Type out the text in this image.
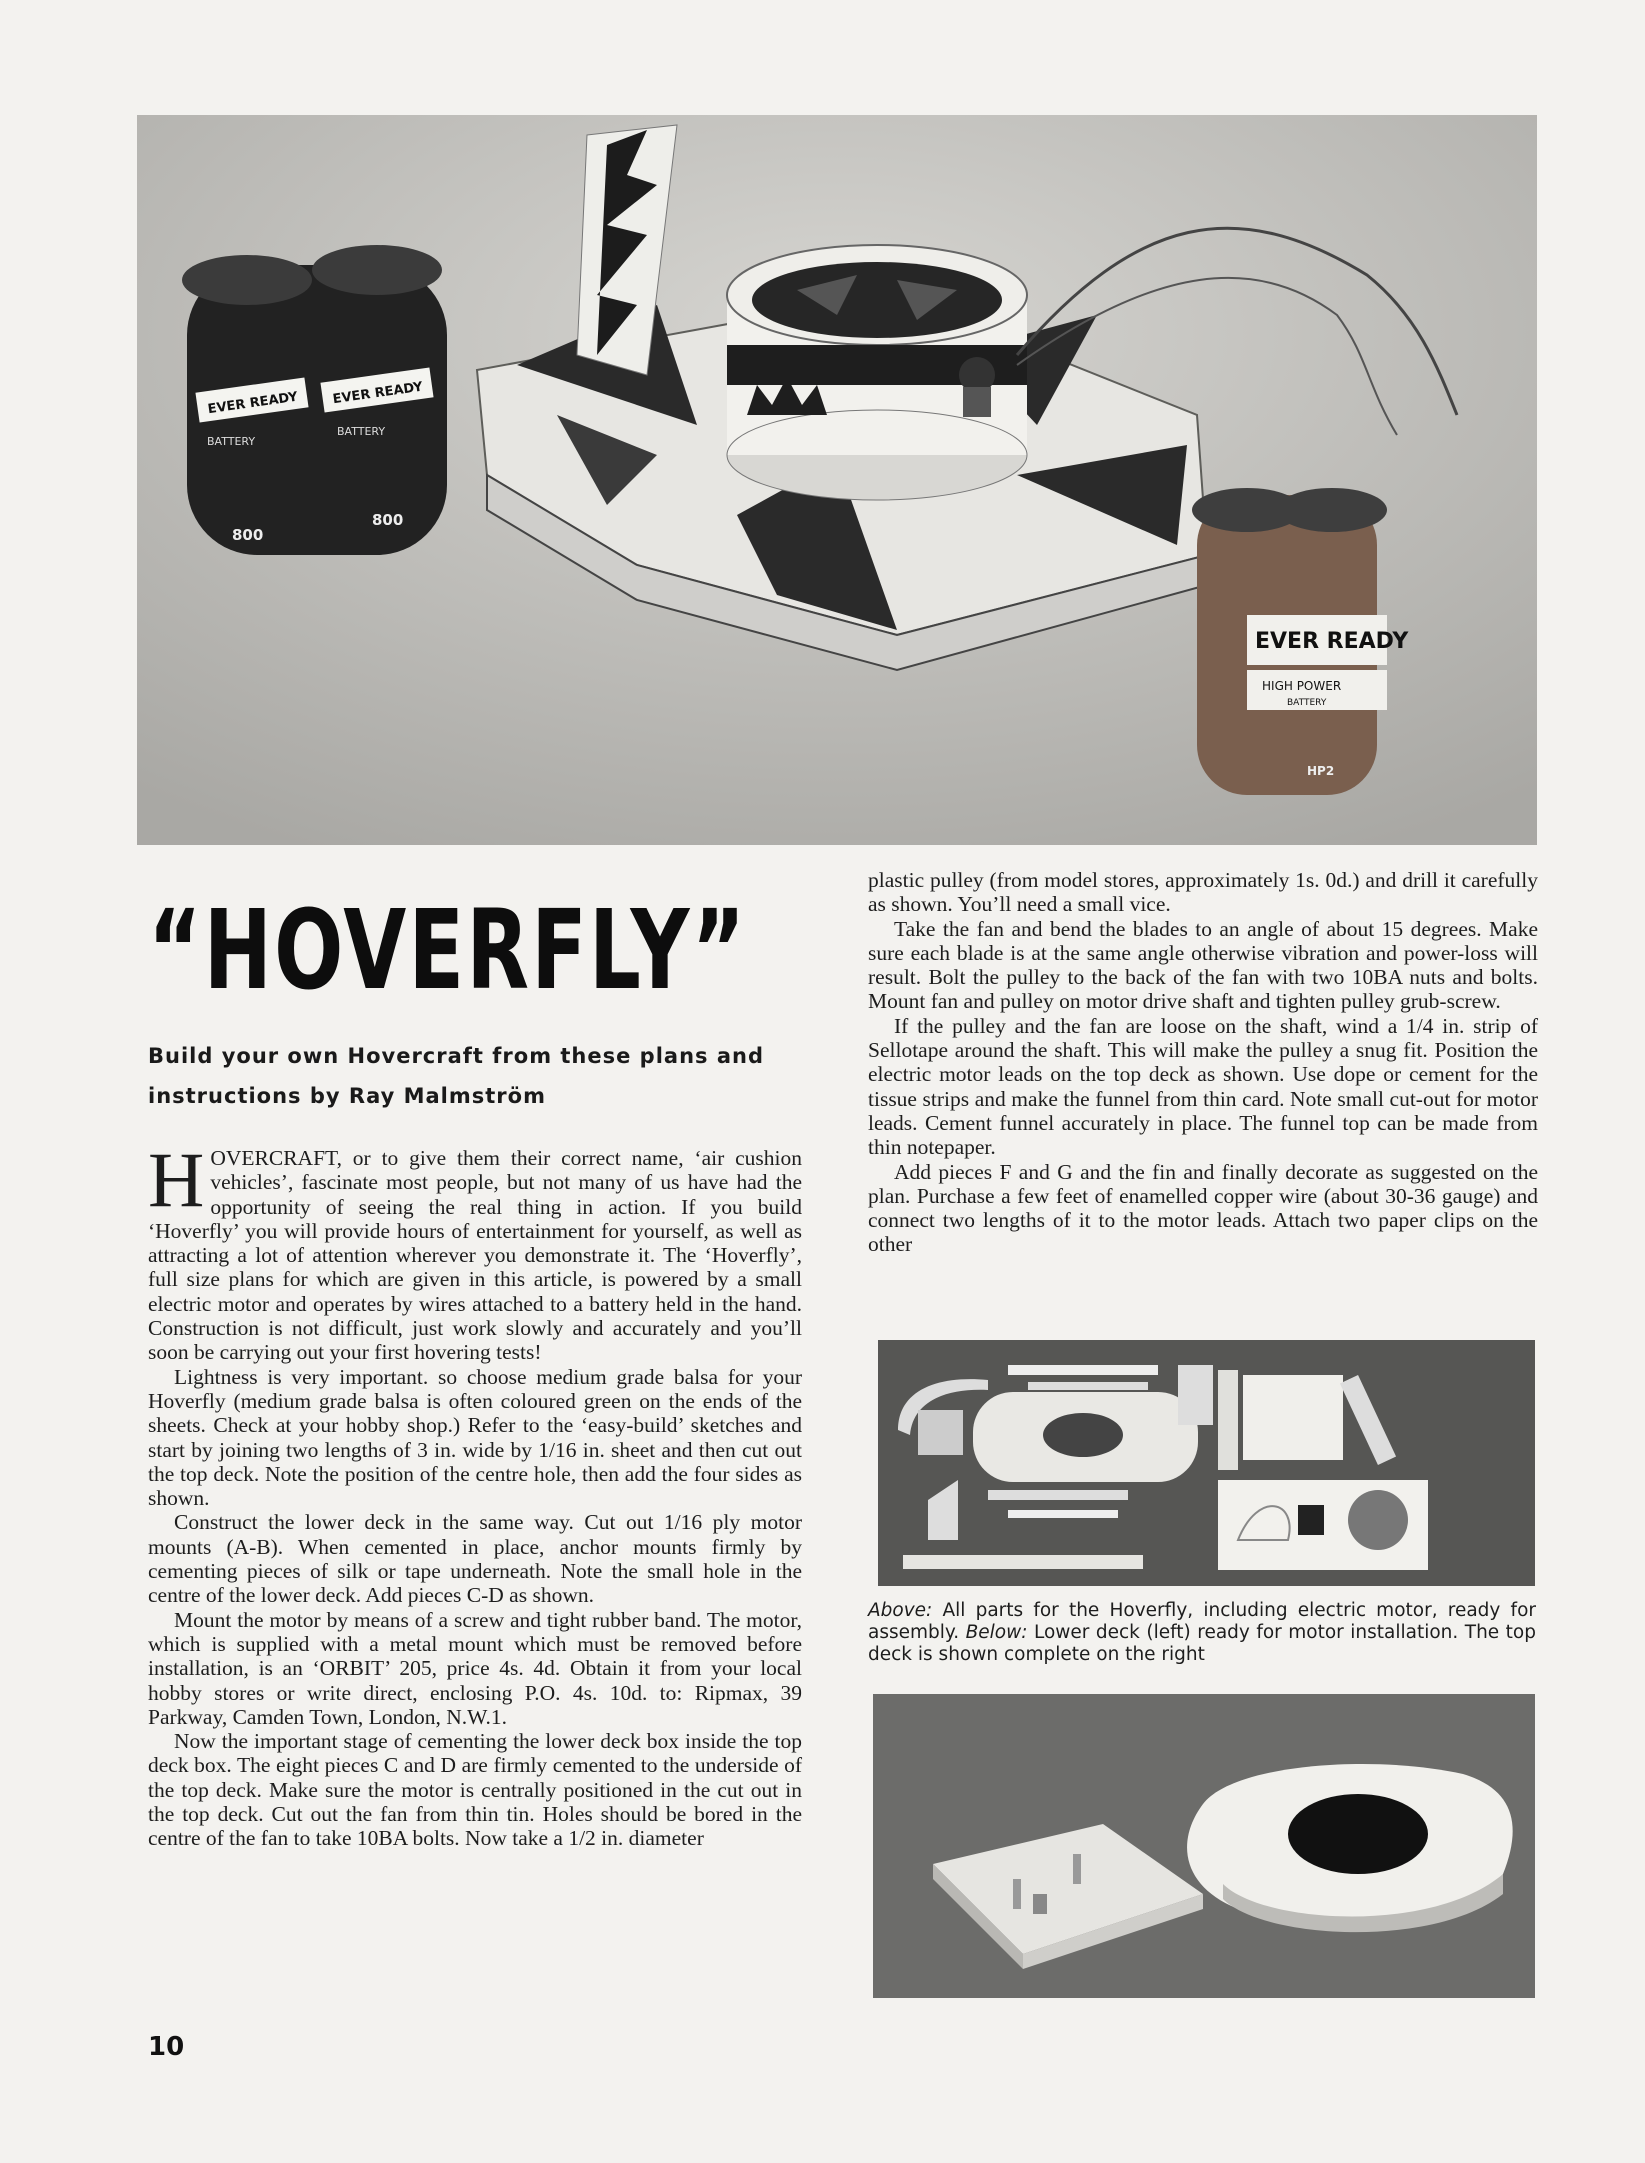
EVER READY	EVER READY
BATTERY
BATTERY
800
800
EVER READY
HIGH POWER
BATTERY
HP2
“HOVERFLY”
Build your own Hovercraft from these plans and instructions by Ray Malmström

HOVERCRAFT, or to give them their correct name, ‘air cushion vehicles’, fascinate most people, but not many of us have had the opportunity of seeing the real thing in action. If you build ‘Hoverfly’ you will provide hours of entertainment for yourself, as well as attracting a lot of attention wherever you demonstrate it. The ‘Hoverfly’, full size plans for which are given in this article, is powered by a small electric motor and operates by wires attached to a battery held in the hand. Construction is not difficult, just work slowly and accurately and you’ll soon be carrying out your first hovering tests!

Lightness is very important. so choose medium grade balsa for your Hoverfly (medium grade balsa is often coloured green on the ends of the sheets. Check at your hobby shop.) Refer to the ‘easy-build’ sketches and start by joining two lengths of 3 in. wide by 1/16 in. sheet and then cut out the top deck. Note the position of the centre hole, then add the four sides as shown.

Construct the lower deck in the same way. Cut out 1/16 ply motor mounts (A-B). When cemented in place, anchor mounts firmly by cementing pieces of silk or tape underneath. Note the small hole in the centre of the lower deck. Add pieces C-D as shown.

Mount the motor by means of a screw and tight rubber band. The motor, which is supplied with a metal mount which must be removed before installation, is an ‘ORBIT’ 205, price 4s. 4d. Obtain it from your local hobby stores or write direct, enclosing P.O. 4s. 10d. to: Ripmax, 39 Parkway, Camden Town, London, N.W.1.

Now the important stage of cementing the lower deck box inside the top deck box. The eight pieces C and D are firmly cemented to the underside of the top deck. Make sure the motor is centrally positioned in the cut out in the top deck. Cut out the fan from thin tin. Holes should be bored in the centre of the fan to take 10BA bolts. Now take a 1/2 in. diameter

plastic pulley (from model stores, approximately 1s. 0d.) and drill it carefully as shown. You’ll need a small vice.

Take the fan and bend the blades to an angle of about 15 degrees. Make sure each blade is at the same angle otherwise vibration and power-loss will result. Bolt the pulley to the back of the fan with two 10BA nuts and bolts. Mount fan and pulley on motor drive shaft and tighten pulley grub-screw.

If the pulley and the fan are loose on the shaft, wind a 1/4 in. strip of Sellotape around the shaft. This will make the pulley a snug fit. Position the electric motor leads on the top deck as shown. Use dope or cement for the tissue strips and make the funnel from thin card. Note small cut-out for motor leads. Cement funnel accurately in place. The funnel top can be made from thin notepaper.

Add pieces F and G and the fin and finally decorate as suggested on the plan. Purchase a few feet of enamelled copper wire (about 30-36 gauge) and connect two lengths of it to the motor leads. Attach two paper clips on the other

Above: All parts for the Hoverfly, including electric motor, ready for assembly. Below: Lower deck (left) ready for motor installation. The top deck is shown complete on the right
10
